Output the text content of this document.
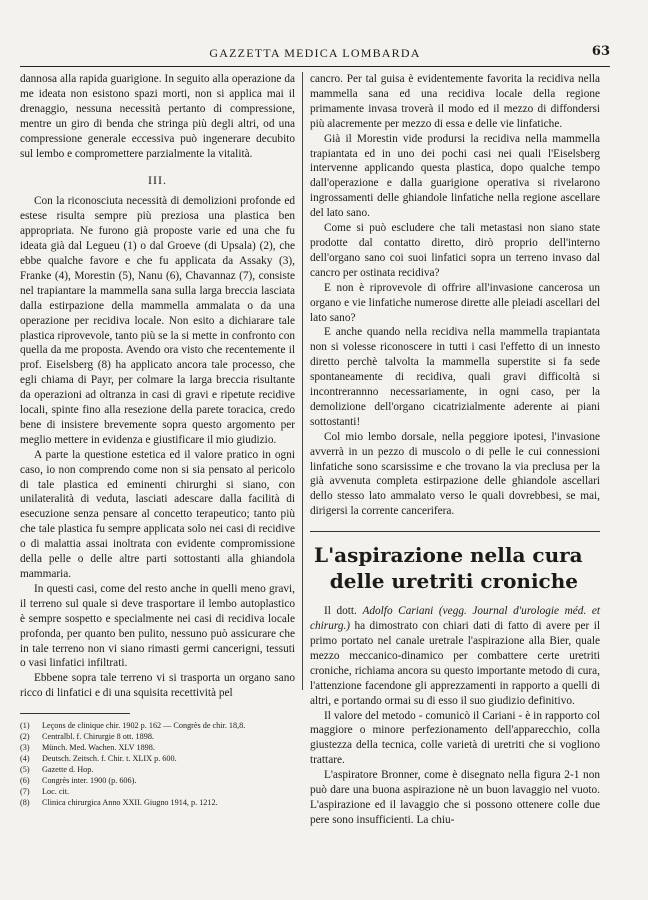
GAZZETTA MEDICA LOMBARDA	63

dannosa alla rapida guarigione. In seguito alla operazione da me ideata non esistono spazi morti, non si applica mai il drenaggio, nessuna necessità pertanto di compressione, mentre un giro di benda che stringa più degli altri, od una compressione generale eccessiva può ingenerare decubito sul lembo e compromettere parzialmente la vitalità.

III.

Con la riconosciuta necessità di demolizioni profonde ed estese risulta sempre più preziosa una plastica ben appropriata. Ne furono già proposte varie ed una che fu ideata già dal Legueu (1) o dal Groeve (di Upsala) (2), che ebbe qualche favore e che fu applicata da Assaky (3), Franke (4), Morestin (5), Nanu (6), Chavannaz (7), consiste nel trapiantare la mammella sana sulla larga breccia lasciata dalla estirpazione della mammella ammalata o da una operazione per recidiva locale. Non esito a dichiarare tale plastica riprovevole, tanto più se la si mette in confronto con quella da me proposta. Avendo ora visto che recentemente il prof. Eiselsberg (8) ha applicato ancora tale processo, che egli chiama di Payr, per colmare la larga breccia risultante da operazioni ad oltranza in casi di gravi e ripetute recidive locali, spinte fino alla resezione della parete toracica, credo bene di insistere brevemente sopra questo argomento per meglio mettere in evidenza e giustificare il mio giudizio.

A parte la questione estetica ed il valore pratico in ogni caso, io non comprendo come non si sia pensato al pericolo di tale plastica ed eminenti chirurghi si siano, con unilateralità di veduta, lasciati adescare dalla facilità di esecuzione senza pensare al concetto terapeutico; tanto più che tale plastica fu sempre applicata solo nei casi di recidive o di malattia assai inoltrata con evidente compromissione della pelle o delle altre parti sottostanti alla ghiandola mammaria.

In questi casi, come del resto anche in quelli meno gravi, il terreno sul quale si deve trasportare il lembo autoplastico è sempre sospetto e specialmente nei casi di recidiva locale profonda, per quanto ben pulito, nessuno può assicurare che in tale terreno non vi siano rimasti germi cancerigni, tessuti o vasi linfatici infiltrati.

Ebbene sopra tale terreno vi si trasporta un organo sano ricco di linfatici e di una squisita recettività pel

(1) Leçons de clinique chir. 1902 p. 162 — Congrès de chir. 18,8.
(2) Centralbl. f. Chirurgie 8 ott. 1898.
(3) Münch. Med. Wachen. XLV 1898.
(4) Deutsch. Zeitsch. f. Chir. t. XLIX p. 600.
(5) Gazette d. Hop.
(6) Congrès inter. 1900 (p. 606).
(7) Loc. cit.
(8) Clinica chirurgica Anno XXII. Giugno 1914, p. 1212.

cancro. Per tal guisa è evidentemente favorita la recidiva nella mammella sana ed una recidiva locale della regione primamente invasa troverà il modo ed il mezzo di diffondersi più alacremente per mezzo di essa e delle vie linfatiche.

Già il Morestin vide prodursi la recidiva nella mammella trapiantata ed in uno dei pochi casi nei quali l'Eiselsberg intervenne applicando questa plastica, dopo qualche tempo dall'operazione e dalla guarigione operativa si rivelarono ingrossamenti delle ghiandole linfatiche nella regione ascellare del lato sano.

Come si può escludere che tali metastasi non siano state prodotte dal contatto diretto, dirò proprio dell'interno dell'organo sano coi suoi linfatici sopra un terreno invaso dal cancro per ostinata recidiva?

E non è riprovevole di offrire all'invasione cancerosa un organo e vie linfatiche numerose dirette alle pleiadi ascellari del lato sano?

E anche quando nella recidiva nella mammella trapiantata non si volesse riconoscere in tutti i casi l'effetto di un innesto diretto perchè talvolta la mammella superstite si fa sede spontaneamente di recidiva, quali gravi difficoltà si incontrerannno necessariamente, in ogni caso, per la demolizione dell'organo cicatrizialmente aderente ai piani sottostanti!

Col mio lembo dorsale, nella peggiore ipotesi, l'invasione avverrà in un pezzo di muscolo o di pelle le cui connessioni linfatiche sono scarsissime e che trovano la via preclusa per la già avvenuta completa estirpazione delle ghiandole ascellari dello stesso lato ammalato verso le quali dovrebbesi, se mai, dirigersi la corrente cancerifera.

L'aspirazione nella cura
delle uretriti croniche

Il dott. Adolfo Cariani (vegg. Journal d'urologie méd. et chirurg.) ha dimostrato con chiari dati di fatto di avere per il primo portato nel canale uretrale l'aspirazione alla Bier, quale mezzo meccanico-dinamico per combattere certe uretriti croniche, richiama ancora su questo importante metodo di cura, l'attenzione facendone gli apprezzamenti in rapporto a quelli di altri, e portando ormai su di esso il suo giudizio definitivo.

Il valore del metodo - comunicò il Cariani - è in rapporto col maggiore o minore perfezionamento dell'apparecchio, colla giustezza della tecnica, colle varietà di uretriti che si vogliono trattare.

L'aspiratore Bronner, come è disegnato nella figura 2-1 non può dare una buona aspirazione nè un buon lavaggio nel vuoto. L'aspirazione ed il lavaggio che si possono ottenere colle due pere sono insufficienti. La chiu-
